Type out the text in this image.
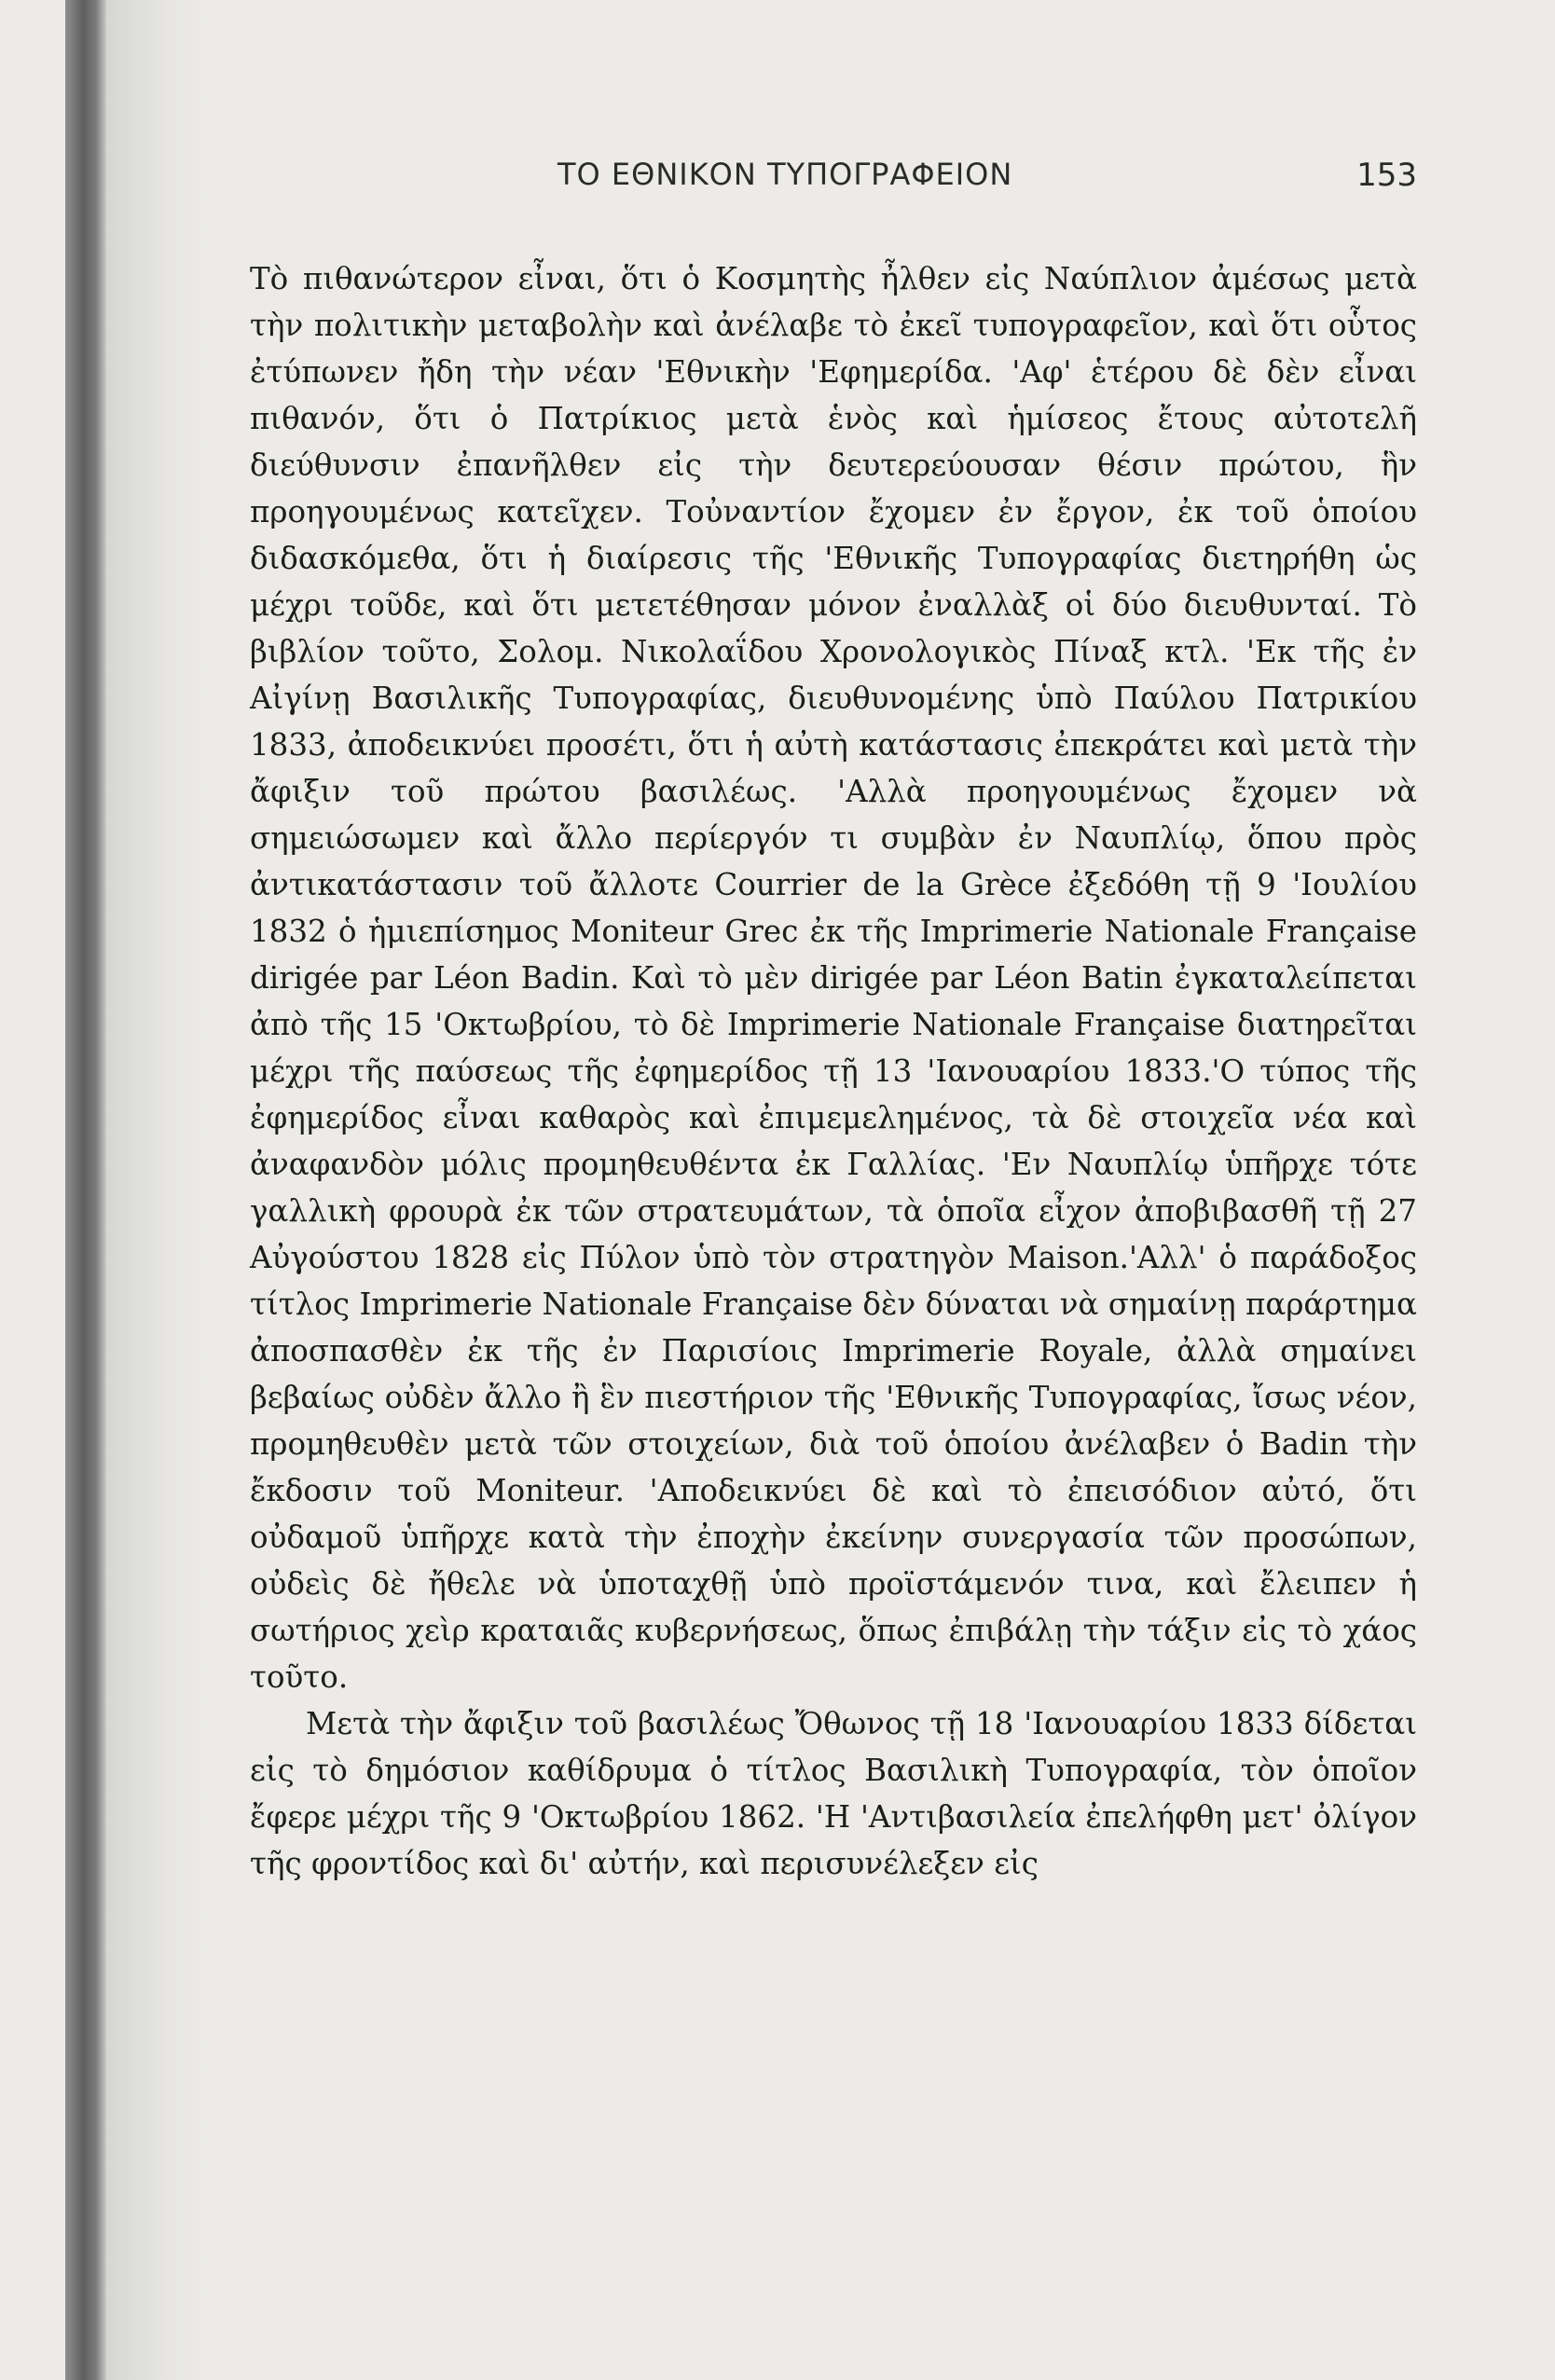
ΤΟ ΕΘΝΙΚΟΝ ΤΥΠΟΓΡΑΦΕΙΟΝ	153

Τὸ πιθανώτερον εἶναι, ὅτι ὁ Κοσμητὴς ἦλθεν εἰς Ναύπλιον ἀμέσως μετὰ τὴν πολιτικὴν μεταβολὴν καὶ ἀνέλαβε τὸ ἐκεῖ τυπογραφεῖον, καὶ ὅτι οὗτος ἐτύπωνεν ἤδη τὴν νέαν 'Εθνικὴν 'Εφημερίδα. 'Αφ' ἑτέρου δὲ δὲν εἶναι πιθανόν, ὅτι ὁ Πατρίκιος μετὰ ἑνὸς καὶ ἡμίσεος ἔτους αὐτοτελῆ διεύθυνσιν ἐπανῆλθεν εἰς τὴν δευτερεύουσαν θέσιν πρώτου, ἣν προηγουμένως κατεῖχεν. Τοὐναντίον ἔχομεν ἐν ἔργον, ἐκ τοῦ ὁποίου διδασκόμεθα, ὅτι ἡ διαίρεσις τῆς 'Εθνικῆς Τυπογραφίας διετηρήθη ὡς μέχρι τοῦδε, καὶ ὅτι μετετέθησαν μόνον ἐναλλὰξ οἱ δύο διευθυνταί. Τὸ βιβλίον τοῦτο, Σολομ. Νικολαΐδου Χρονολογικὸς Πίναξ κτλ. 'Εκ τῆς ἐν Αἰγίνῃ Βασιλικῆς Τυπογραφίας, διευθυνομένης ὑπὸ Παύλου Πατρικίου 1833, ἀποδεικνύει προσέτι, ὅτι ἡ αὐτὴ κατάστασις ἐπεκράτει καὶ μετὰ τὴν ἄφιξιν τοῦ πρώτου βασιλέως. 'Αλλὰ προηγουμένως ἔχομεν νὰ σημειώσωμεν καὶ ἄλλο περίεργόν τι συμβὰν ἐν Ναυπλίῳ, ὅπου πρὸς ἀντικατάστασιν τοῦ ἄλλοτε Courrier de la Grèce ἐξεδόθη τῇ 9 'Ιουλίου 1832 ὁ ἡμιεπίσημος Moniteur Grec ἐκ τῆς Imprimerie Nationale Française dirigée par Léon Badin. Καὶ τὸ μὲν dirigée par Léon Batin ἐγκαταλείπεται ἀπὸ τῆς 15 'Οκτωβρίου, τὸ δὲ Imprimerie Nationale Française διατηρεῖται μέχρι τῆς παύσεως τῆς ἐφημερίδος τῇ 13 'Ιανουαρίου 1833.'Ο τύπος τῆς ἐφημερίδος εἶναι καθαρὸς καὶ ἐπιμεμελημένος, τὰ δὲ στοιχεῖα νέα καὶ ἀναφανδὸν μόλις προμηθευθέντα ἐκ Γαλλίας. 'Εν Ναυπλίῳ ὑπῆρχε τότε γαλλικὴ φρουρὰ ἐκ τῶν στρατευμάτων, τὰ ὁποῖα εἶχον ἀποβιβασθῆ τῇ 27 Αὐγούστου 1828 εἰς Πύλον ὑπὸ τὸν στρατηγὸν Maison.'Αλλ' ὁ παράδοξος τίτλος Imprimerie Nationale Française δὲν δύναται νὰ σημαίνῃ παράρτημα ἀποσπασθὲν ἐκ τῆς ἐν Παρισίοις Imprimerie Royale, ἀλλὰ σημαίνει βεβαίως οὐδὲν ἄλλο ἢ ἓν πιεστήριον τῆς 'Εθνικῆς Τυπογραφίας, ἴσως νέον, προμηθευθὲν μετὰ τῶν στοιχείων, διὰ τοῦ ὁποίου ἀνέλαβεν ὁ Badin τὴν ἔκδοσιν τοῦ Moniteur. 'Αποδεικνύει δὲ καὶ τὸ ἐπεισόδιον αὐτό, ὅτι οὐδαμοῦ ὑπῆρχε κατὰ τὴν ἐποχὴν ἐκείνην συνεργασία τῶν προσώπων, οὐδεὶς δὲ ἤθελε νὰ ὑποταχθῇ ὑπὸ προϊστάμενόν τινα, καὶ ἔλειπεν ἡ σωτήριος χεὶρ κραταιᾶς κυβερνήσεως, ὅπως ἐπιβάλῃ τὴν τάξιν εἰς τὸ χάος τοῦτο.

Μετὰ τὴν ἄφιξιν τοῦ βασιλέως Ὄθωνος τῇ 18 'Ιανουαρίου 1833 δίδεται εἰς τὸ δημόσιον καθίδρυμα ὁ τίτλος Βασιλικὴ Τυπογραφία, τὸν ὁποῖον ἔφερε μέχρι τῆς 9 'Οκτωβρίου 1862. 'Η 'Αντιβασιλεία ἐπελήφθη μετ' ὀλίγον τῆς φροντίδος καὶ δι' αὐτήν, καὶ περισυνέλεξεν εἰς
